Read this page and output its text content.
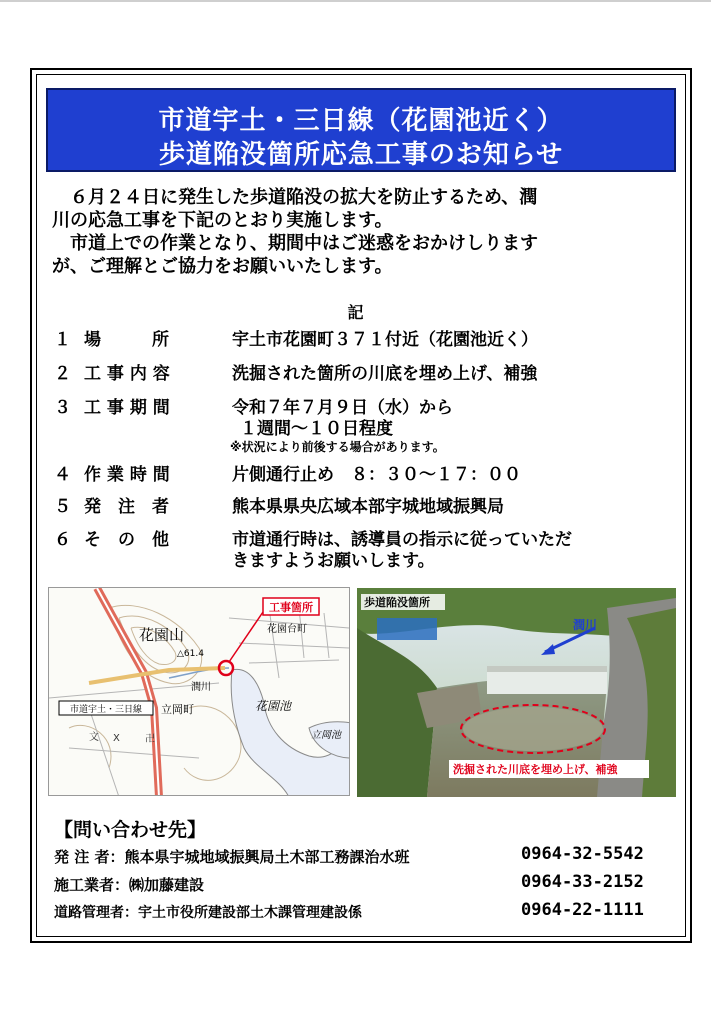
市道宇土・三日線（花園池近く）
歩道陥没箇所応急工事のお知らせ

　６月２４日に発生した歩道陥没の拡大を防止するため、潤

川の応急工事を下記のとおり実施します。

　市道上での作業となり、期間中はご迷惑をおかけしります

が、ご理解とご協力をお願いいたします。

記
１ 場　　　所	宇土市花園町３７１付近（花園池近く）
２ 工 事 内 容	洗掘された箇所の川底を埋め上げ、補強
３ 工 事 期 間	令和７年７月９日（水）から
１週間～１０日程度
※状況により前後する場合があります。
４ 作 業 時 間	片側通行止め　８：３０～１７：００
５ 発　注　者	熊本県県央広域本部宇城地域振興局
６ そ　の　他	市道通行時は、誘導員の指示に従っていただ
きますようお願いします。
工事箇所
花園山
△61.4
花園台町
潤川
市道宇土・三日線 立岡町	花園池
立岡池
文 X	卍
歩道陥没箇所
潤川
洗掘された川底を埋め上げ、補強
【問い合わせ先】
発 注 者：熊本県宇城地域振興局土木部工務課治水班	0964-32-5542
施工業者：㈱加藤建設	0964-33-2152
道路管理者：宇土市役所建設部土木課管理建設係	0964-22-1111
